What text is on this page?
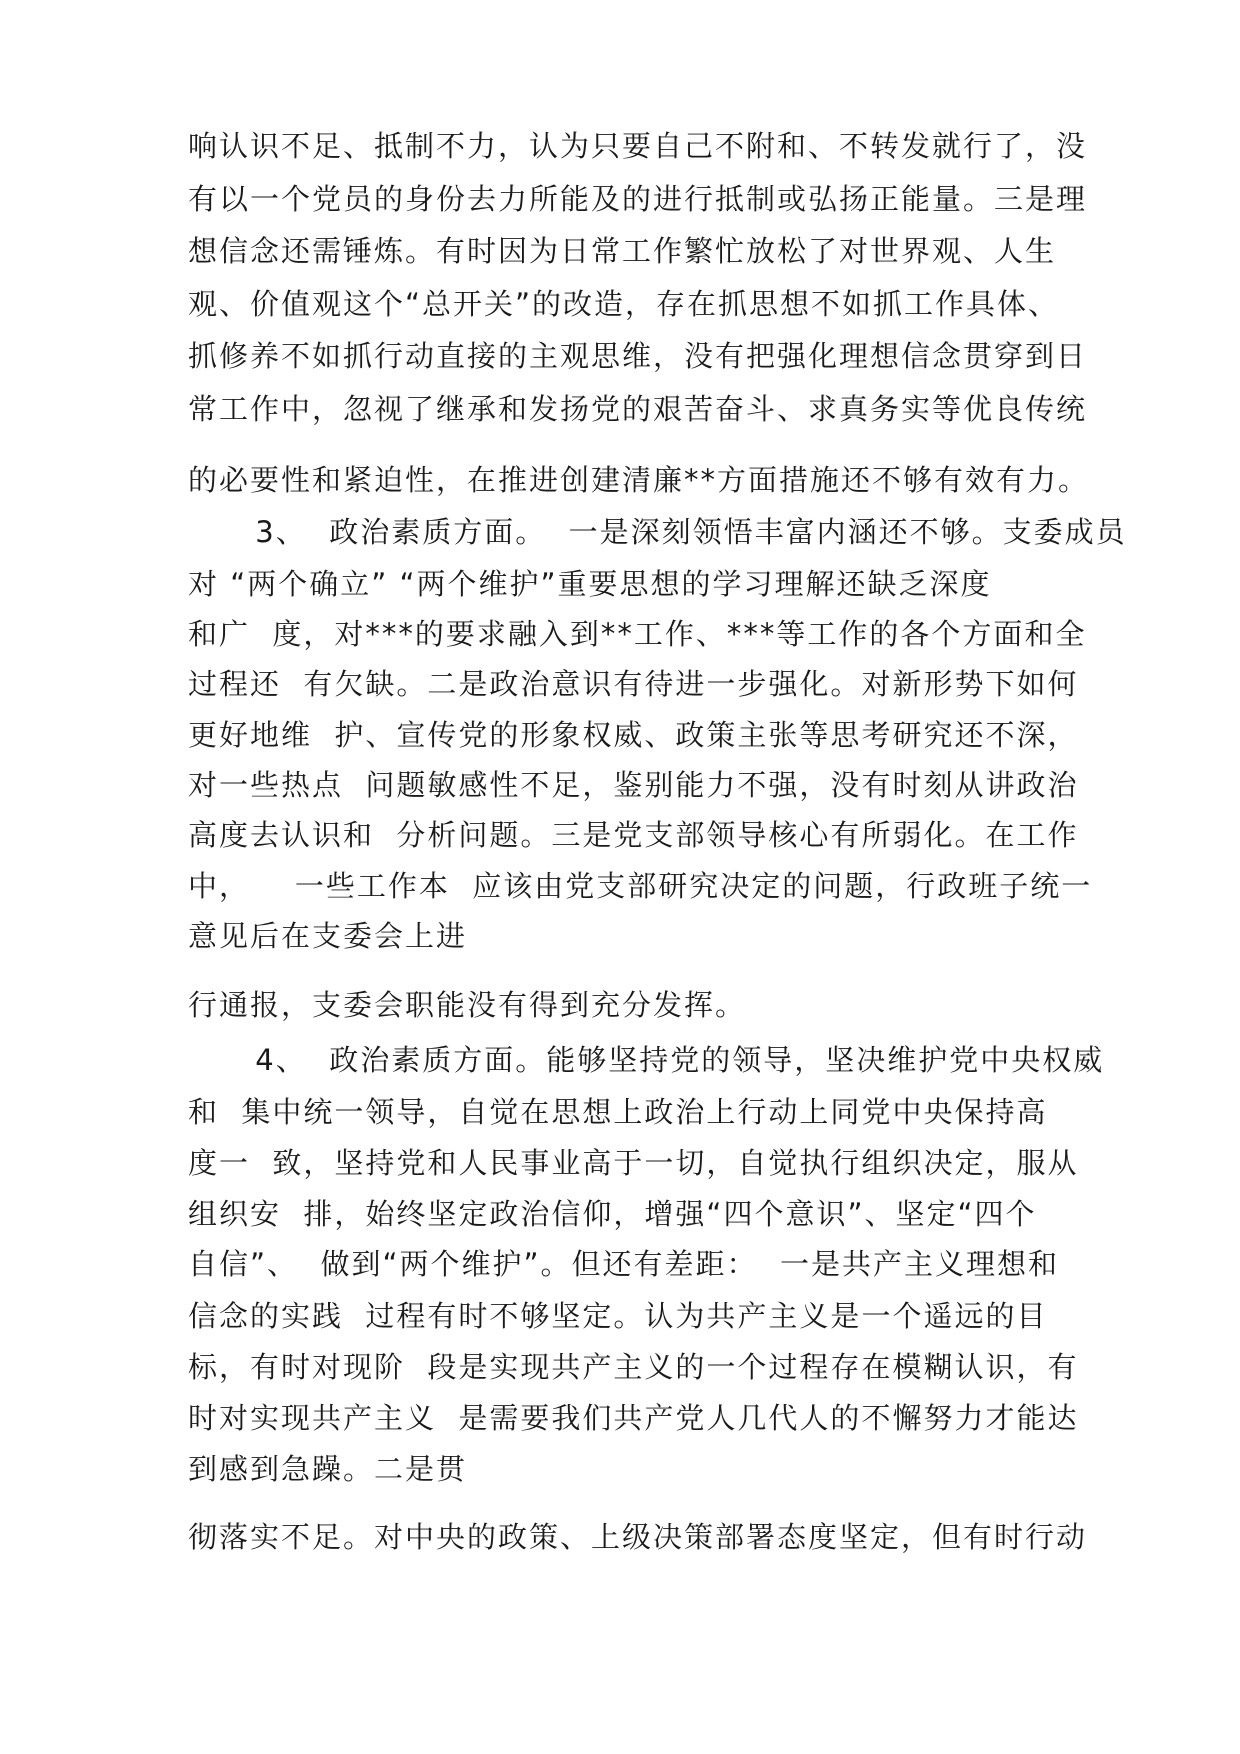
响认识不足、抵制不力，认为只要自己不附和、不转发就行了，没
有以一个党员的身份去力所能及的进行抵制或弘扬正能量。三是理
想信念还需锤炼。有时因为日常工作繁忙放松了对世界观、人生
观、价值观这个“总开关”的改造，存在抓思想不如抓工作具体、
抓修养不如抓行动直接的主观思维，没有把强化理想信念贯穿到日
常工作中，忽视了继承和发扬党的艰苦奋斗、求真务实等优良传统
的必要性和紧迫性，在推进创建清廉**方面措施还不够有效有力。
3、  政治素质方面。  一是深刻领悟丰富内涵还不够。支委成员
对 “两个确立” “两个维护”重要思想的学习理解还缺乏深度
和广  度，对***的要求融入到**工作、***等工作的各个方面和全
过程还  有欠缺。二是政治意识有待进一步强化。对新形势下如何
更好地维  护、宣传党的形象权威、政策主张等思考研究还不深，
对一些热点  问题敏感性不足，鉴别能力不强，没有时刻从讲政治
高度去认识和  分析问题。三是党支部领导核心有所弱化。在工作
中，    一些工作本  应该由党支部研究决定的问题，行政班子统一
意见后在支委会上进
行通报，支委会职能没有得到充分发挥。
4、  政治素质方面。能够坚持党的领导，坚决维护党中央权威
和  集中统一领导，自觉在思想上政治上行动上同党中央保持高
度一  致，坚持党和人民事业高于一切，自觉执行组织决定，服从
组织安  排，始终坚定政治信仰，增强“四个意识”、坚定“四个
自信”、  做到“两个维护”。但还有差距：  一是共产主义理想和
信念的实践  过程有时不够坚定。认为共产主义是一个遥远的目
标，有时对现阶  段是实现共产主义的一个过程存在模糊认识，有
时对实现共产主义  是需要我们共产党人几代人的不懈努力才能达
到感到急躁。二是贯
彻落实不足。对中央的政策、上级决策部署态度坚定，但有时行动
